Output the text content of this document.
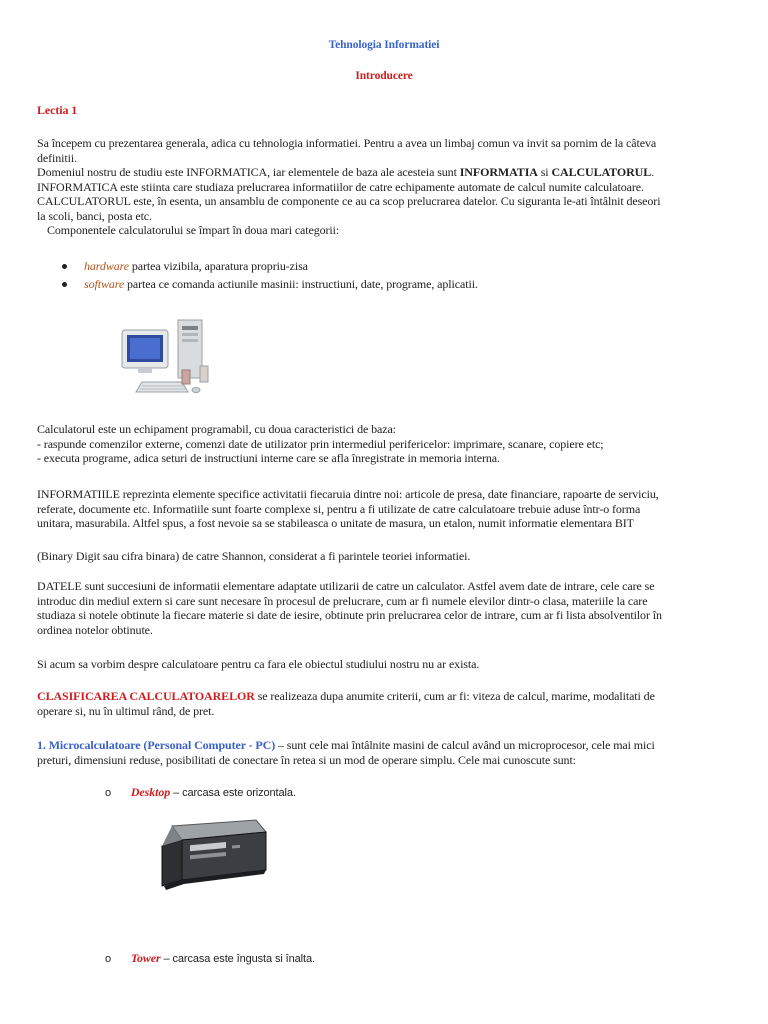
Tehnologia Informatiei
Introducere
Lectia 1
Sa începem cu prezentarea generala, adica cu tehnologia informatiei. Pentru a avea un limbaj comun va invit sa pornim de la câteva
definitii.
Domeniul nostru de studiu este INFORMATICA, iar elementele de baza ale acesteia sunt INFORMATIA si CALCULATORUL.
INFORMATICA este stiinta care studiaza prelucrarea informatiilor de catre echipamente automate de calcul numite calculatoare.
CALCULATORUL este, în esenta, un ansamblu de componente ce au ca scop prelucrarea datelor. Cu siguranta le-ati întâlnit deseori
la scoli, banci, posta etc.
Componentele calculatorului se împart în doua mari categorii:
hardware partea vizibila, aparatura propriu-zisa
software partea ce comanda actiunile masinii: instructiuni, date, programe, aplicatii.
Calculatorul este un echipament programabil, cu doua caracteristici de baza:
- raspunde comenzilor externe, comenzi date de utilizator prin intermediul perifericelor: imprimare, scanare, copiere etc;
- executa programe, adica seturi de instructiuni interne care se afla înregistrate in memoria interna.
INFORMATIILE reprezinta elemente specifice activitatii fiecaruia dintre noi: articole de presa, date financiare, rapoarte de serviciu,
referate, documente etc. Informatiile sunt foarte complexe si, pentru a fi utilizate de catre calculatoare trebuie aduse într-o forma
unitara, masurabila. Altfel spus, a fost nevoie sa se stabileasca o unitate de masura, un etalon, numit informatie elementara BIT
(Binary Digit sau cifra binara) de catre Shannon, considerat a fi parintele teoriei informatiei.
DATELE sunt succesiuni de informatii elementare adaptate utilizarii de catre un calculator. Astfel avem date de intrare, cele care se
introduc din mediul extern si care sunt necesare în procesul de prelucrare, cum ar fi numele elevilor dintr-o clasa, materiile la care
studiaza si notele obtinute la fiecare materie si date de iesire, obtinute prin prelucrarea celor de intrare, cum ar fi lista absolventilor în
ordinea notelor obtinute.
Si acum sa vorbim despre calculatoare pentru ca fara ele obiectul studiului nostru nu ar exista.
CLASIFICAREA CALCULATOARELOR se realizeaza dupa anumite criterii, cum ar fi: viteza de calcul, marime, modalitati de
operare si, nu în ultimul rând, de pret.
1. Microcalculatoare (Personal Computer - PC) – sunt cele mai întâlnite masini de calcul având un microprocesor, cele mai mici
preturi, dimensiuni reduse, posibilitati de conectare în retea si un mod de operare simplu. Cele mai cunoscute sunt:
o Desktop – carcasa este orizontala.
o Tower – carcasa este îngusta si înalta.
